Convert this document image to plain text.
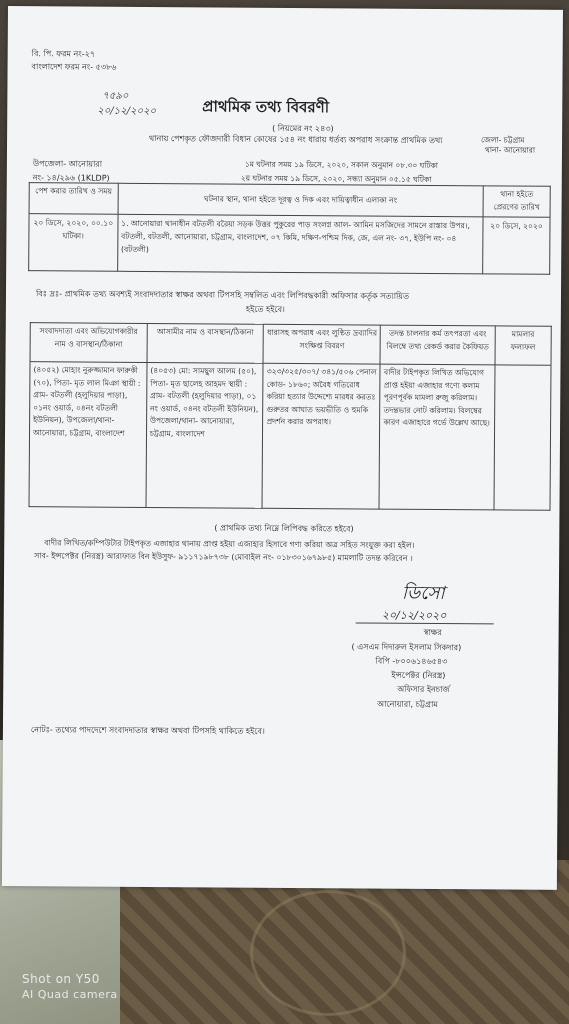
বি. পি. ফরম নং-২৭
বাংলাদেশ ফরম নং- ৫৩৮৬
৭৫৯০
২০/১২/২০২০	প্রাথমিক তথ্য বিবরণী
( নিয়মের নং ২৪৩)
থানায় পেশকৃত ফৌজদারী বিধান কোষের ১৫৪ নং ধারায় ধর্তব্য অপরাধ সংক্রান্ত প্রাথমিক তথ্য	জেলা- চট্টগ্রাম
থানা- আনোয়ারা
উপজেলা- আনোয়ারা
নং- ১৪/২৯৬ (1KLDP)
১ম ঘটনার সময় ১৯ ডিসে, ২০২০, সকাল অনুমান ০৮.৩০ ঘটিকা
২য় ঘটনার সময় ১৯ ডিসে, ২০২০, সন্ধ্যা অনুমান ০৫.১৫ ঘটিকা
পেশ করার তারিখ ও সময়	ঘটনার স্থান, থানা হইতে দূরত্ব ও দিক এবং দায়িত্বাধীন এলাকা নং	থানা হইতে প্রেরণের তারিখ
২০ ডিসে, ২০২০, ০০.১০ ঘটিকা।	১. আনোয়ারা থানাধীন বটতলী বরৈয়া সড়ক উত্তর পুকুরের পাড় সংলগ্ন আল- আমিন মসজিদের সামনে রাস্তার উপর।, বটতলী, বটতলী, আনোয়ারা, চট্টগ্রাম, বাংলাদেশ, ০৭ কিমি, দক্ষিণ-পশ্চিম দিক, জে, এল নং- ৩৭, ইউপি নং- ০৪ (বটতলী)	২০ ডিসে, ২০২০
বিঃ দ্রঃ- প্রাথমিক তথ্য অবশ্যই সংবাদদাতার স্বাক্ষর অথবা টিপসহি সম্বলিত এবং লিপিবদ্ধকারী অফিসার কর্তৃক সত্যায়িত
হইতে হইবে।
সংবাদদাতা এবং অভিযোগকারীর নাম ও বাসস্থান/ঠিকানা	আসামীর নাম ও বাসস্থান/ঠিকানা	ধারাসহ অপরাধ এবং লুণ্ঠিত দ্রব্যাদির সংক্ষিপ্ত বিবরণ	তদন্ত চালনার কর্ম তৎপরতা এবং বিলম্বে তথ্য রেকর্ড করার কৈফিয়ত	মামলার ফলাফল
(৪০৫২) মোহাং নুরুজ্জামান ফারুকী (৭০), পিতা- মৃত লাল মিঞা স্থায়ী : গ্রাম- বটতলী (হলুদিয়ার পাড়া), ০১নং ওয়ার্ড, ০৪নং বটতলী ইউনিয়ন), উপজেলা/থানা- আনোয়ারা, চট্টগ্রাম, বাংলাদেশ	(৪০৫৩) মো: সামছুল আলম (৫০), পিতা- মৃত ছালেহ আহমদ স্থায়ী : গ্রাম- বটতলী (হলুদিয়ার পাড়া), ০১ নং ওয়ার্ড, ০৪নং বটতলী ইউনিয়ন), উপজেলা/থানা- আনোয়ারা, চট্টগ্রাম, বাংলাদেশ	৩২৩/৩২৫/৩০৭/ ৩৪১/৫০৬ পেনাল কোড- ১৮৬০; অবৈধ গতিরোধ করিয়া হত্যার উদ্দেশ্যে মারধর করতঃ গুরুতর আঘাত ভয়ভীতি ও হুমকি প্রদর্শন করার অপরাধ।	বাদীর টাইপকৃত লিখিত অভিযোগ প্রাপ্ত হইয়া এজাহার গণ্যে কলাম পূরণপূর্বক মামলা রুজু করিলাম।তদন্তভার নোট করিলাম। বিলম্বের কারণ এজাহারে গর্ভে উল্লেখ আছে।	
( প্রাথমিক তথ্য নিম্নে লিপিবদ্ধ করিতে হইবে)
বাদীর লিখিত/কম্পিউটার টাইপকৃত এজাহার থানায় প্রাপ্ত হইয়া এজাহার হিসাবে গণ্য করিয়া অত্র সহিত সংযুক্ত করা হইল।
সাব- ইন্সপেক্টর (নিরস্ত্র) আরাফাত বিন ইউসুফ- ৯১১৭১৯৮৭৩৮ (মোবাইল নং- ০১৮৩০১৬৭৯৮৫) মামলাটি তদন্ত করিবেন ।
ডিসো
২০/১২/২০২০
স্বাক্ষর
( এসএম দিদারুল ইসলাম সিকদার)
বিপি -৮০০৬১৪৬৫৪৩
ইন্সপেক্টর (নিরস্ত্র)
অফিসার ইনচার্জ
আনোয়ারা, চট্টগ্রাম
নোটঃ- তথ্যের পাদদেশে সংবাদদাতার স্বাক্ষর অথবা টিপসহি থাকিতে হইবে।
Shot on Y50
AI Quad camera
